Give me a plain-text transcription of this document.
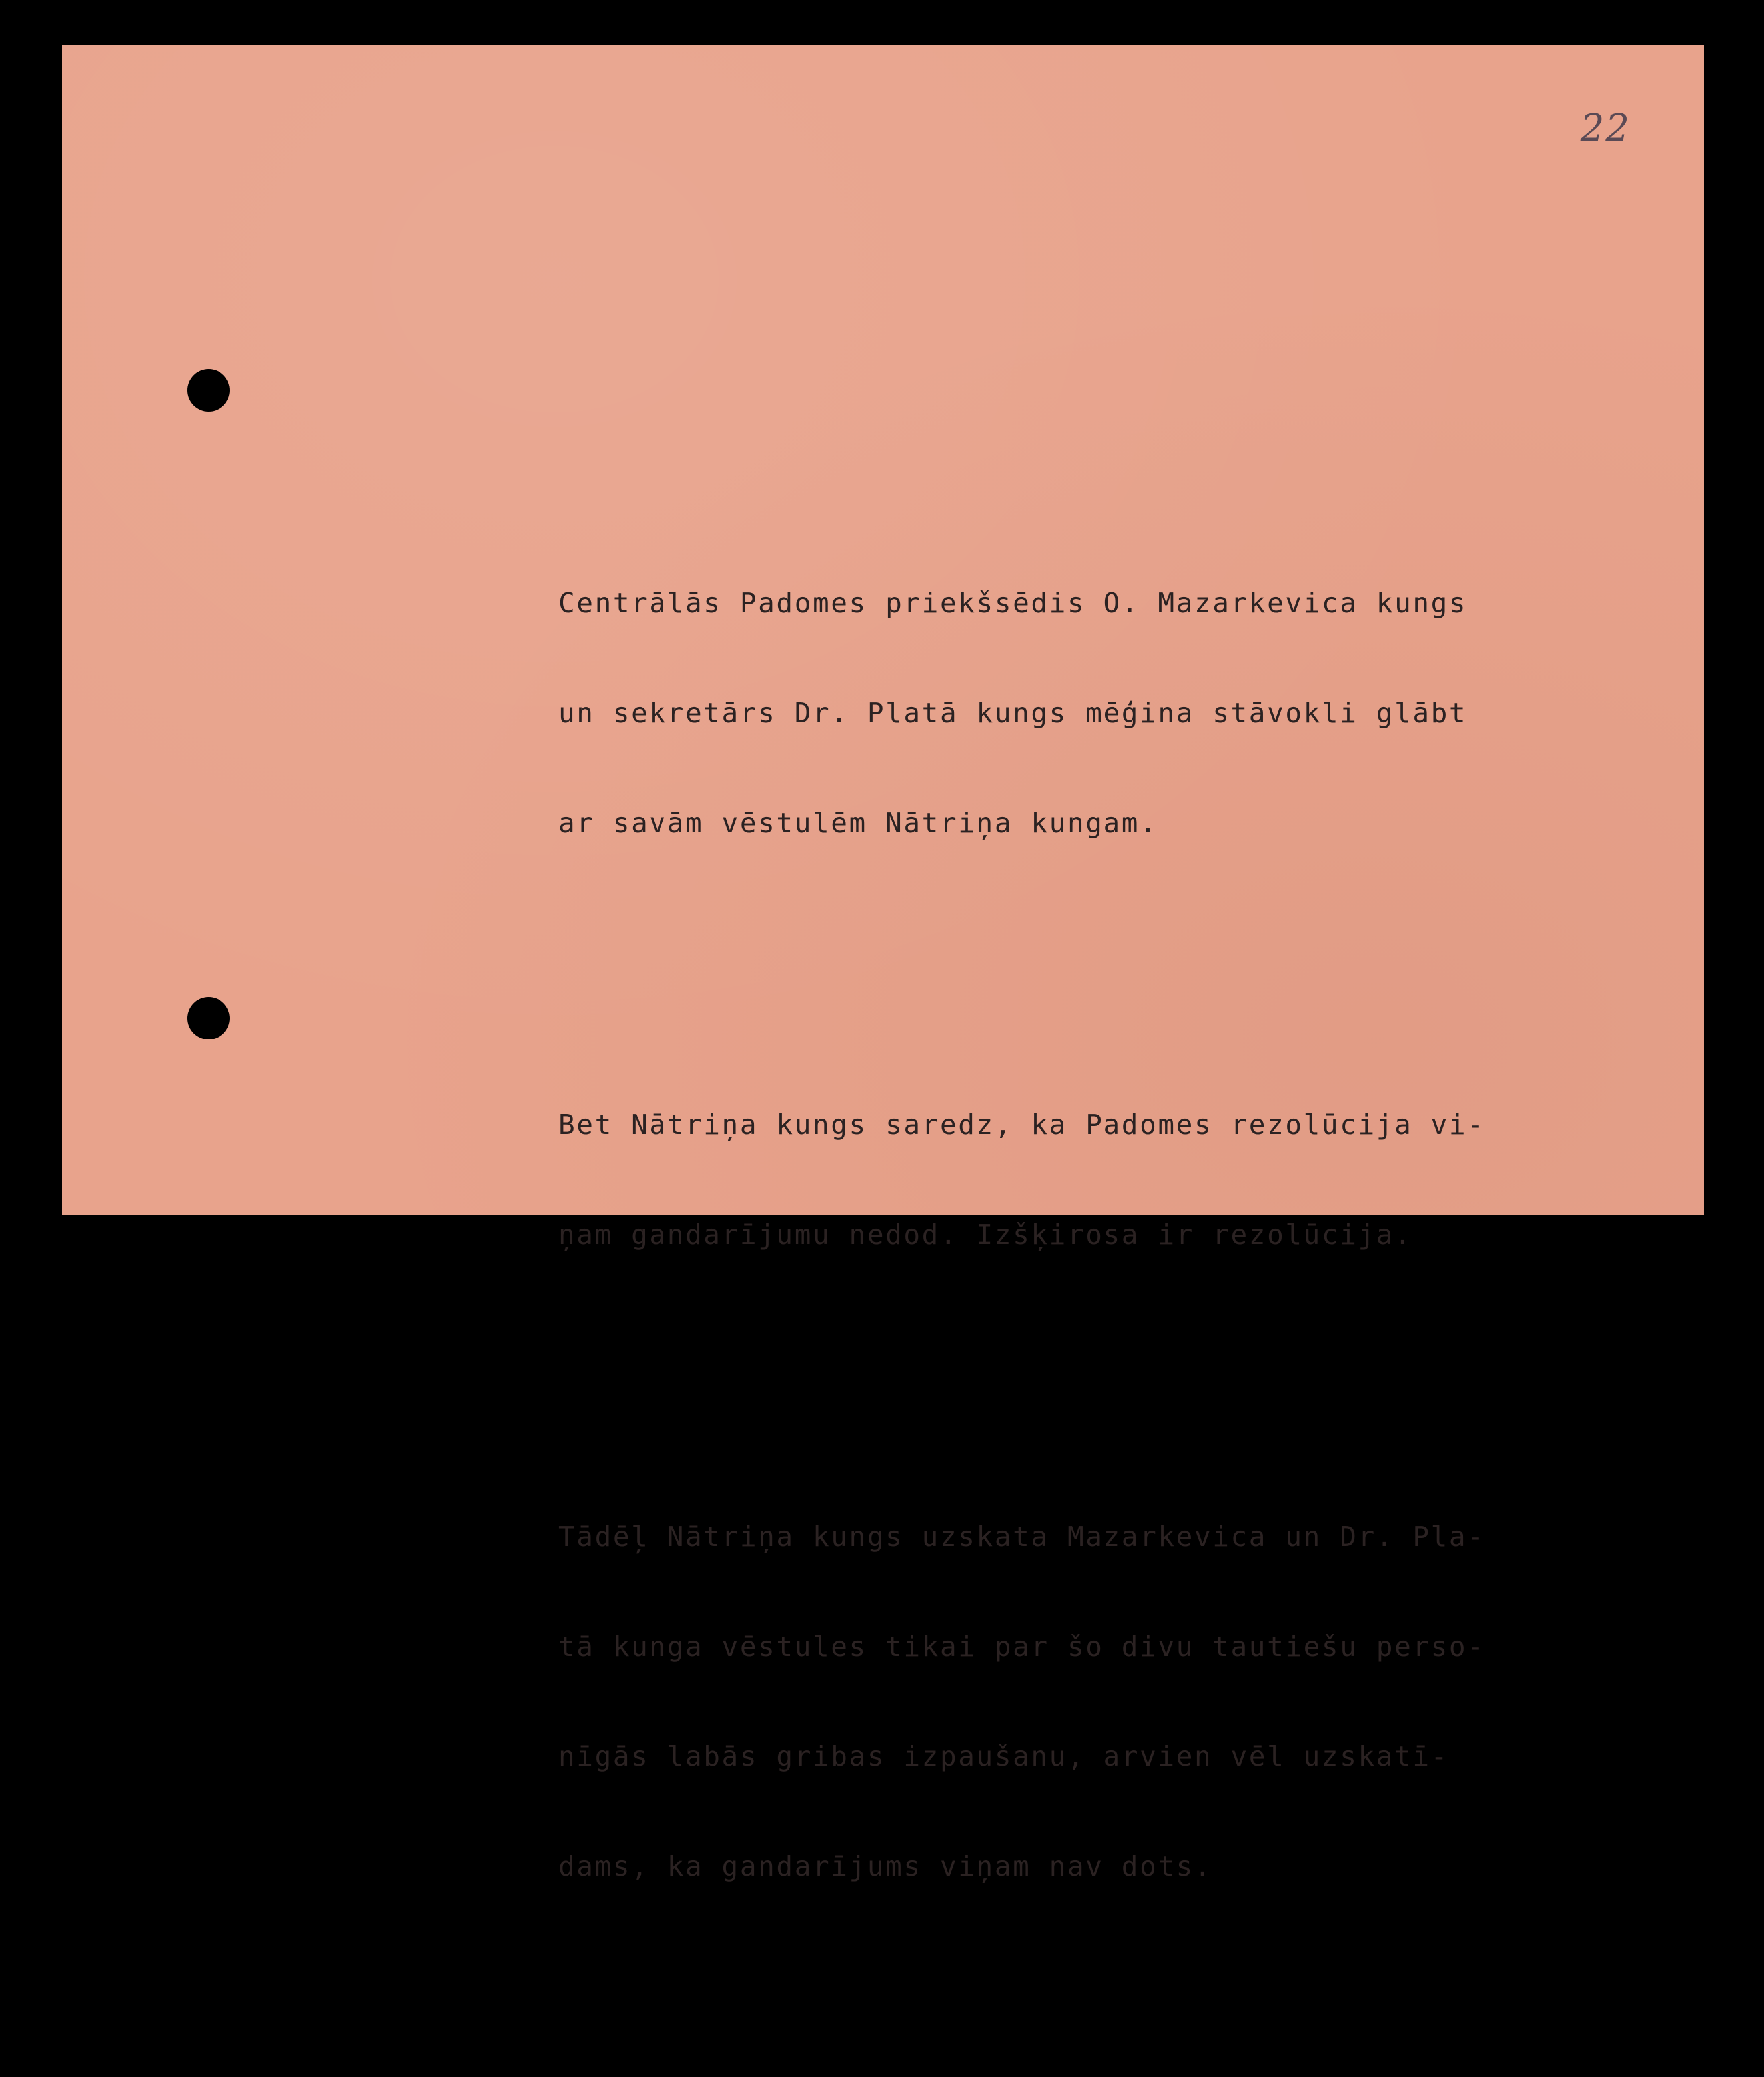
22

Centrālās Padomes priekšsēdis O. Mazarkevica kungs

un sekretārs Dr. Platā kungs mēģina stāvokli glābt

ar savām vēstulēm Nātriņa kungam.

Bet Nātriņa kungs saredz, ka Padomes rezolūcija vi-

ņam gandarījumu nedod. Izšķirosa ir rezolūcija.

Tādēļ Nātriņa kungs uzskata Mazarkevica un Dr. Pla-

tā kunga vēstules tikai par šo divu tautiešu perso-

nīgās labās gribas izpaušanu, arvien vēl uzskatī-

dams, ka gandarījums viņam nav dots.
